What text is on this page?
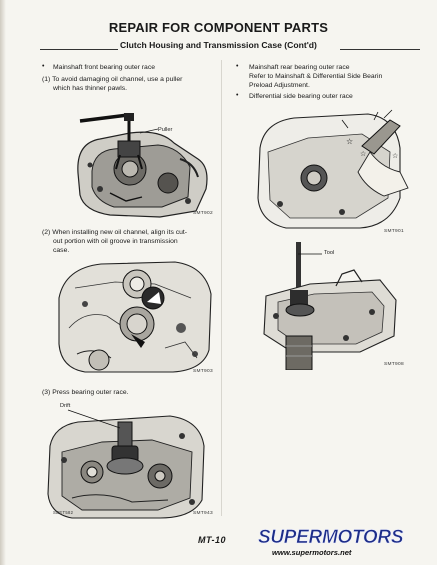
REPAIR FOR COMPONENT PARTS
Clutch Housing and Transmission Case (Cont'd)
• Mainshaft front bearing outer race
(1) To avoid damaging oil channel, use a puller
which has thinner pawls.
Puller
SMT902
(2) When installing new oil channel, align its cut-
out portion with oil groove in transmission
case.
SMT903
(3) Press bearing outer race.
Drift
SDET582	SMT943
• Mainshaft rear bearing outer race
Refer to Mainshaft & Differential Side Bearin
Preload Adjustment.
• Differential side bearing outer race
☆
☆	☆
SMT901
Tool
SMT908
MT-10 SUPERMOTORS
www.supermotors.net
